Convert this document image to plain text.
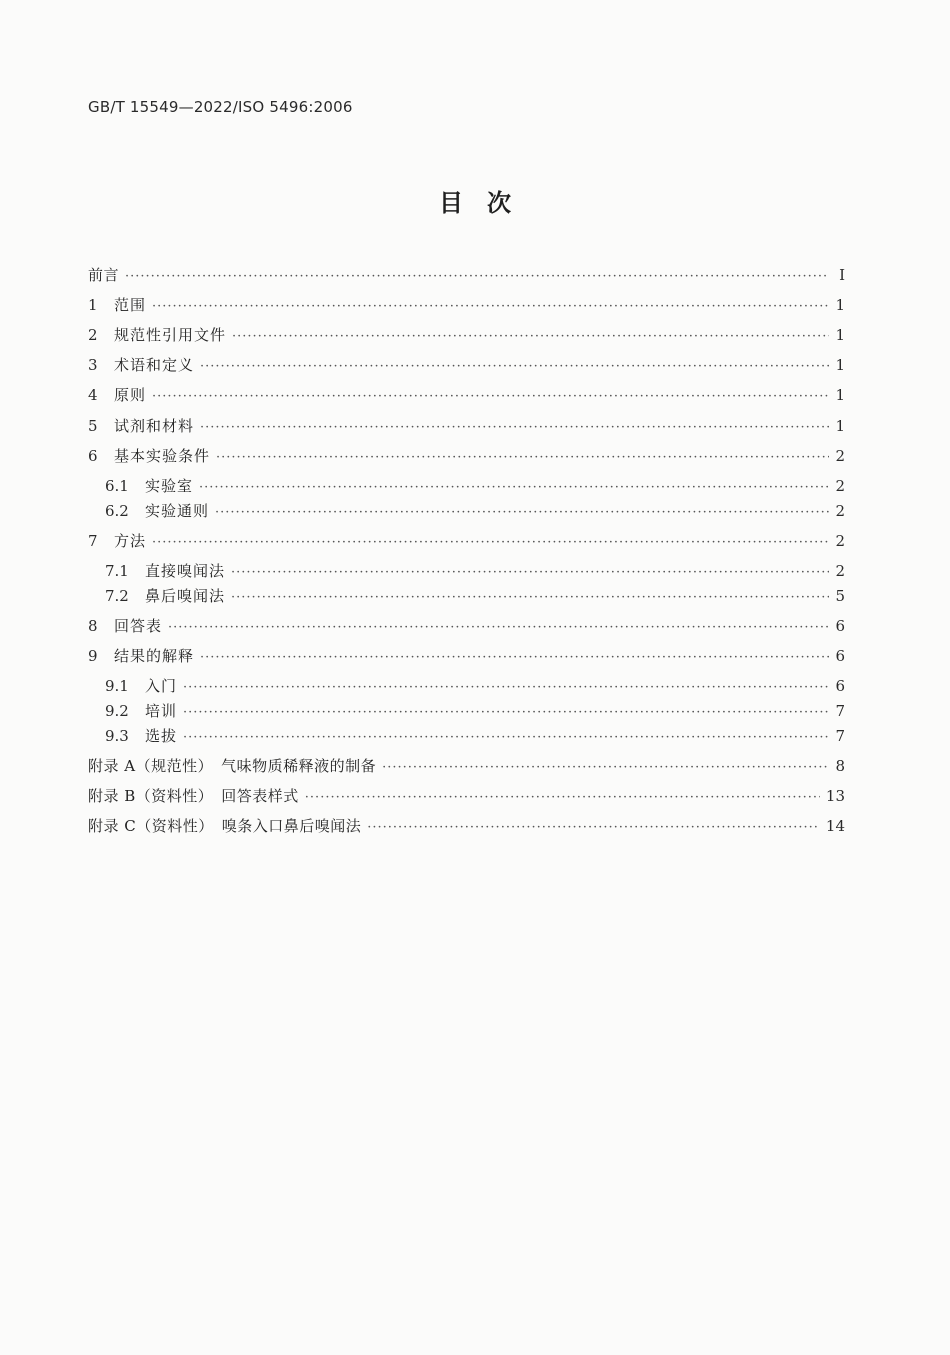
GB/T 15549—2022/ISO 5496:2006
目　次
前言 ·····	Ⅰ
1	范围 ·····	1
2	规范性引用文件 ·····	1
3	术语和定义 ·····	1
4	原则 ·····	1
5	试剂和材料 ·····	1
6	基本实验条件 ·····	2
6.1	实验室 ·····	2
6.2	实验通则 ·····	2
7	方法 ·····	2
7.1	直接嗅闻法 ·····	2
7.2	鼻后嗅闻法 ·····	5
8	回答表 ·····	6
9	结果的解释 ·····	6
9.1	入门 ·····	6
9.2	培训 ·····	7
9.3	选拔 ·····	7
附录 A（规范性）　气味物质稀释液的制备 ·····	8
附录 B（资料性）　回答表样式 ·····	13
附录 C（资料性）　嗅条入口鼻后嗅闻法 ·····	14
